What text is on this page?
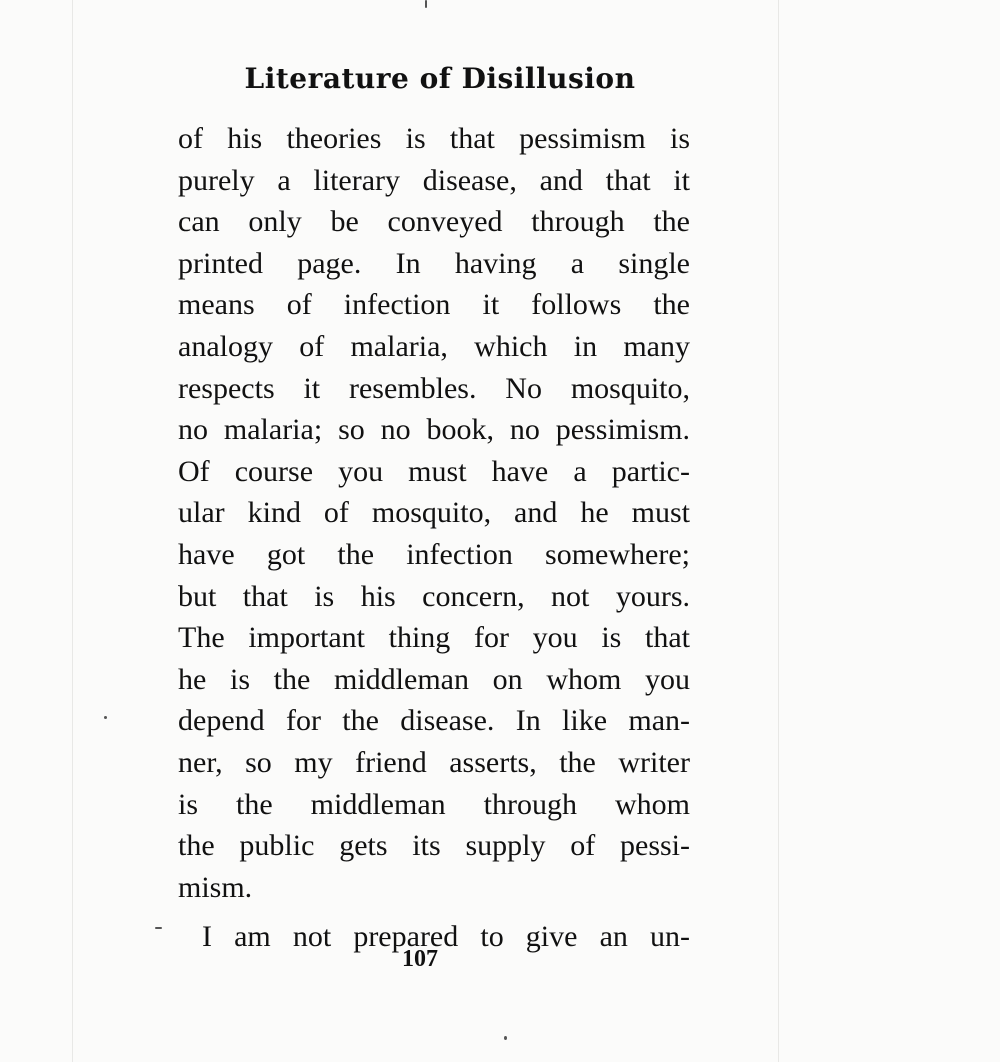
Literature of Disillusion
of his theories is that pessimism is
purely a literary disease, and that it
can only be conveyed through the
printed page. In having a single
means of infection it follows the
analogy of malaria, which in many
respects it resembles. No mosquito,
no malaria; so no book, no pessimism.
Of course you must have a partic-
ular kind of mosquito, and he must
have got the infection somewhere;
but that is his concern, not yours.
The important thing for you is that
he is the middleman on whom you
depend for the disease. In like man-
ner, so my friend asserts, the writer
is the middleman through whom
the public gets its supply of pessi-
mism.
I am not prepared to give an un-
107
